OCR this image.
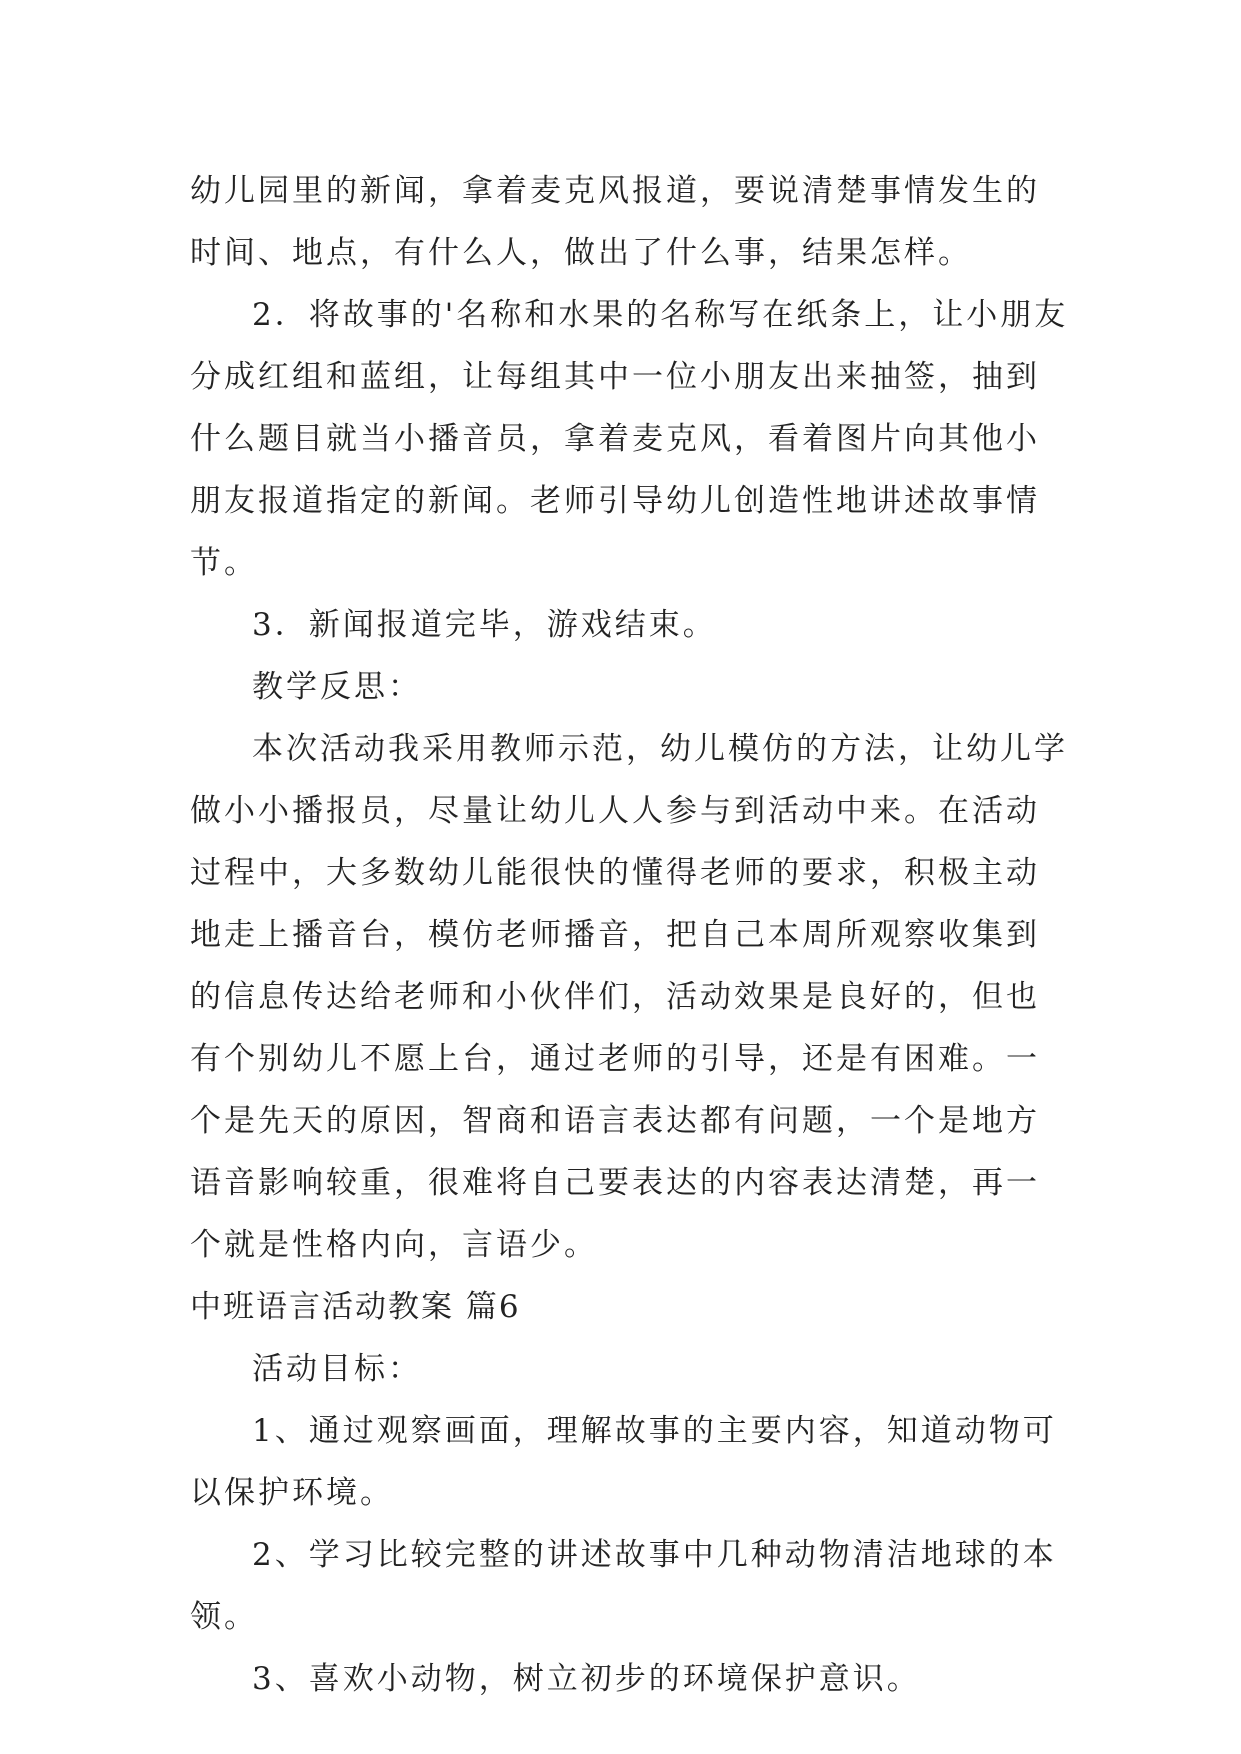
幼儿园里的新闻，拿着麦克风报道，要说清楚事情发生的时间、地点，有什么人，做出了什么事，结果怎样。

2．将故事的'名称和水果的名称写在纸条上，让小朋友分成红组和蓝组，让每组其中一位小朋友出来抽签，抽到什么题目就当小播音员，拿着麦克风，看着图片向其他小朋友报道指定的新闻。老师引导幼儿创造性地讲述故事情节。

3．新闻报道完毕，游戏结束。

教学反思：

本次活动我采用教师示范，幼儿模仿的方法，让幼儿学做小小播报员，尽量让幼儿人人参与到活动中来。在活动过程中，大多数幼儿能很快的懂得老师的要求，积极主动地走上播音台，模仿老师播音，把自己本周所观察收集到的信息传达给老师和小伙伴们，活动效果是良好的，但也有个别幼儿不愿上台，通过老师的引导，还是有困难。一个是先天的原因，智商和语言表达都有问题，一个是地方语音影响较重，很难将自己要表达的内容表达清楚，再一个就是性格内向，言语少。

中班语言活动教案 篇6

活动目标：

1、通过观察画面，理解故事的主要内容，知道动物可以保护环境。

2、学习比较完整的讲述故事中几种动物清洁地球的本领。

3、喜欢小动物，树立初步的环境保护意识。
